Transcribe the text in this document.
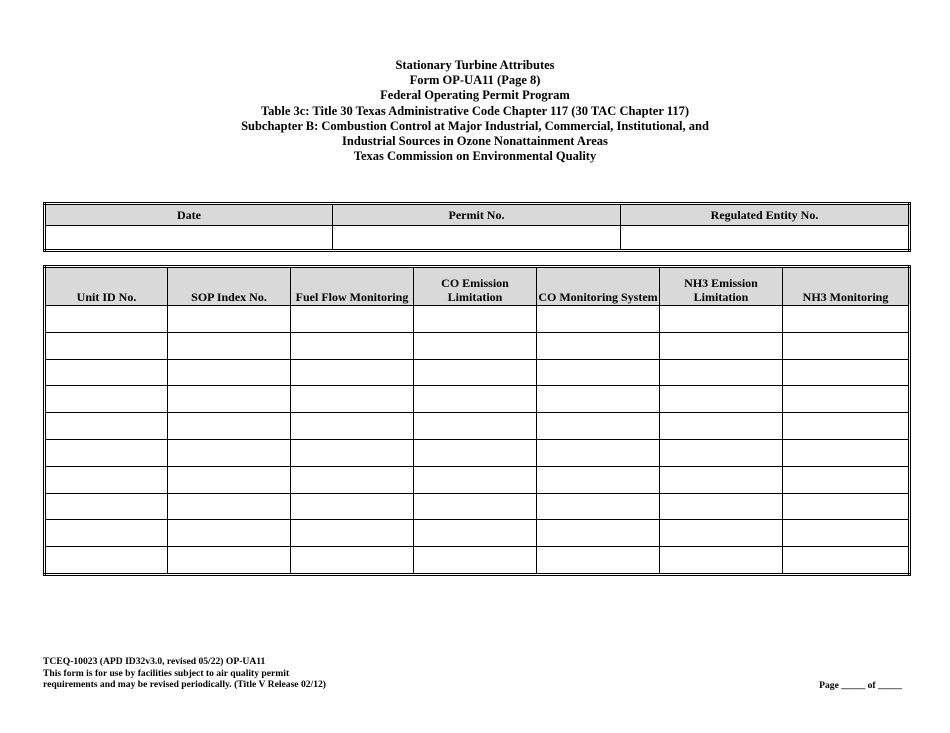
Stationary Turbine Attributes
Form OP-UA11 (Page 8)
Federal Operating Permit Program
Table 3c: Title 30 Texas Administrative Code Chapter 117 (30 TAC Chapter 117)
Subchapter B: Combustion Control at Major Industrial, Commercial, Institutional, and
Industrial Sources in Ozone Nonattainment Areas
Texas Commission on Environmental Quality
Date	Permit No.	Regulated Entity No.

Unit ID No.	SOP Index No.	Fuel Flow Monitoring	CO Emission Limitation	CO Monitoring System	NH3 Emission Limitation	NH3 Monitoring

TCEQ-10023 (APD ID32v3.0, revised 05/22) OP-UA11
This form is for use by facilities subject to air quality permit
requirements and may be revised periodically. (Title V Release 02/12)	Page _____ of _____
